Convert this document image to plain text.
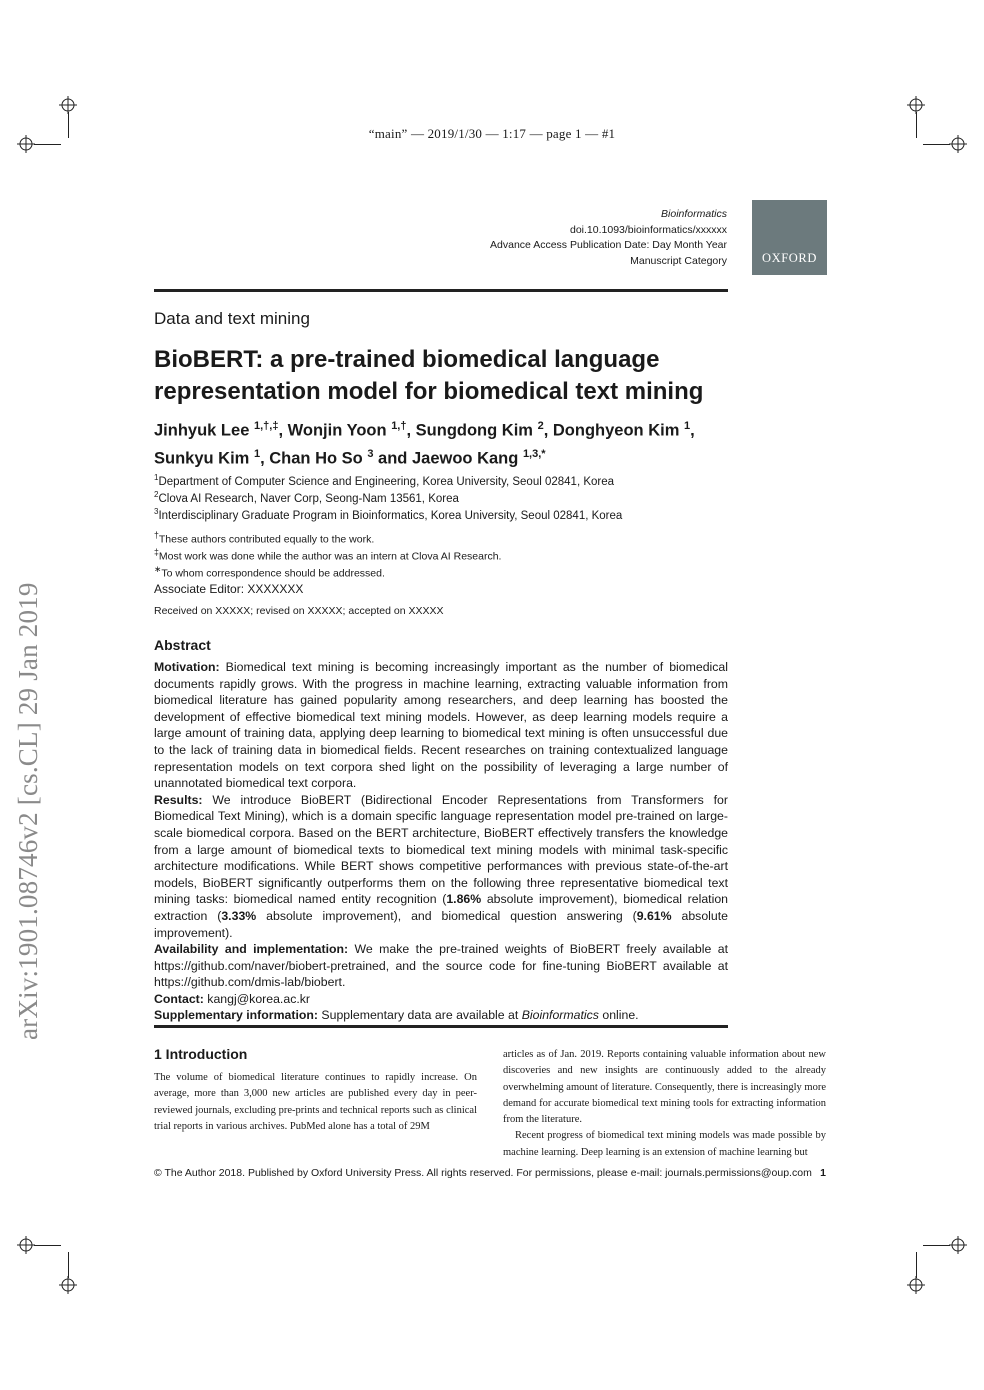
“main” — 2019/1/30 — 1:17 — page 1 — #1
Bioinformatics
doi.10.1093/bioinformatics/xxxxxx
Advance Access Publication Date: Day Month Year
Manuscript Category	OXFORD
Data and text mining
BioBERT: a pre-trained biomedical language representation model for biomedical text mining
Jinhyuk Lee $^{1,\dagger,\ddagger}$, Wonjin Yoon $^{1,\dagger}$, Sungdong Kim $^2$, Donghyeon Kim $^1$,
Sunkyu Kim $^1$, Chan Ho So $^3$ and Jaewoo Kang $^{1,3,*}$
$^1$Department of Computer Science and Engineering, Korea University, Seoul 02841, Korea
$^2$Clova AI Research, Naver Corp, Seong-Nam 13561, Korea
$^3$Interdisciplinary Graduate Program in Bioinformatics, Korea University, Seoul 02841, Korea
†These authors contributed equally to the work.
‡Most work was done while the author was an intern at Clova AI Research.
∗To whom correspondence should be addressed.
Associate Editor: XXXXXXX
Received on XXXXX; revised on XXXXX; accepted on XXXXX
Abstract

Motivation: Biomedical text mining is becoming increasingly important as the number of biomedical documents rapidly grows. With the progress in machine learning, extracting valuable information from biomedical literature has gained popularity among researchers, and deep learning has boosted the development of effective biomedical text mining models. However, as deep learning models require a large amount of training data, applying deep learning to biomedical text mining is often unsuccessful due to the lack of training data in biomedical fields. Recent researches on training contextualized language representation models on text corpora shed light on the possibility of leveraging a large number of unannotated biomedical text corpora.

Results: We introduce BioBERT (Bidirectional Encoder Representations from Transformers for Biomedical Text Mining), which is a domain specific language representation model pre-trained on large-scale biomedical corpora. Based on the BERT architecture, BioBERT effectively transfers the knowledge from a large amount of biomedical texts to biomedical text mining models with minimal task-specific architecture modifications. While BERT shows competitive performances with previous state-of-the-art models, BioBERT significantly outperforms them on the following three representative biomedical text mining tasks: biomedical named entity recognition (1.86% absolute improvement), biomedical relation extraction (3.33% absolute improvement), and biomedical question answering (9.61% absolute improvement).

Availability and implementation: We make the pre-trained weights of BioBERT freely available at https://github.com/naver/biobert-pretrained, and the source code for fine-tuning BioBERT available at https://github.com/dmis-lab/biobert.

Contact: kangj@korea.ac.kr

Supplementary information: Supplementary data are available at Bioinformatics online.

1 Introduction

The volume of biomedical literature continues to rapidly increase. On average, more than 3,000 new articles are published every day in peer-reviewed journals, excluding pre-prints and technical reports such as clinical trial reports in various archives. PubMed alone has a total of 29M

articles as of Jan. 2019. Reports containing valuable information about new discoveries and new insights are continuously added to the already overwhelming amount of literature. Consequently, there is increasingly more demand for accurate biomedical text mining tools for extracting information from the literature.

Recent progress of biomedical text mining models was made possible by machine learning. Deep learning is an extension of machine learning but

© The Author 2018. Published by Oxford University Press. All rights reserved. For permissions, please e-mail: journals.permissions@oup.com 1
arXiv:1901.08746v2 [cs.CL] 29 Jan 2019
